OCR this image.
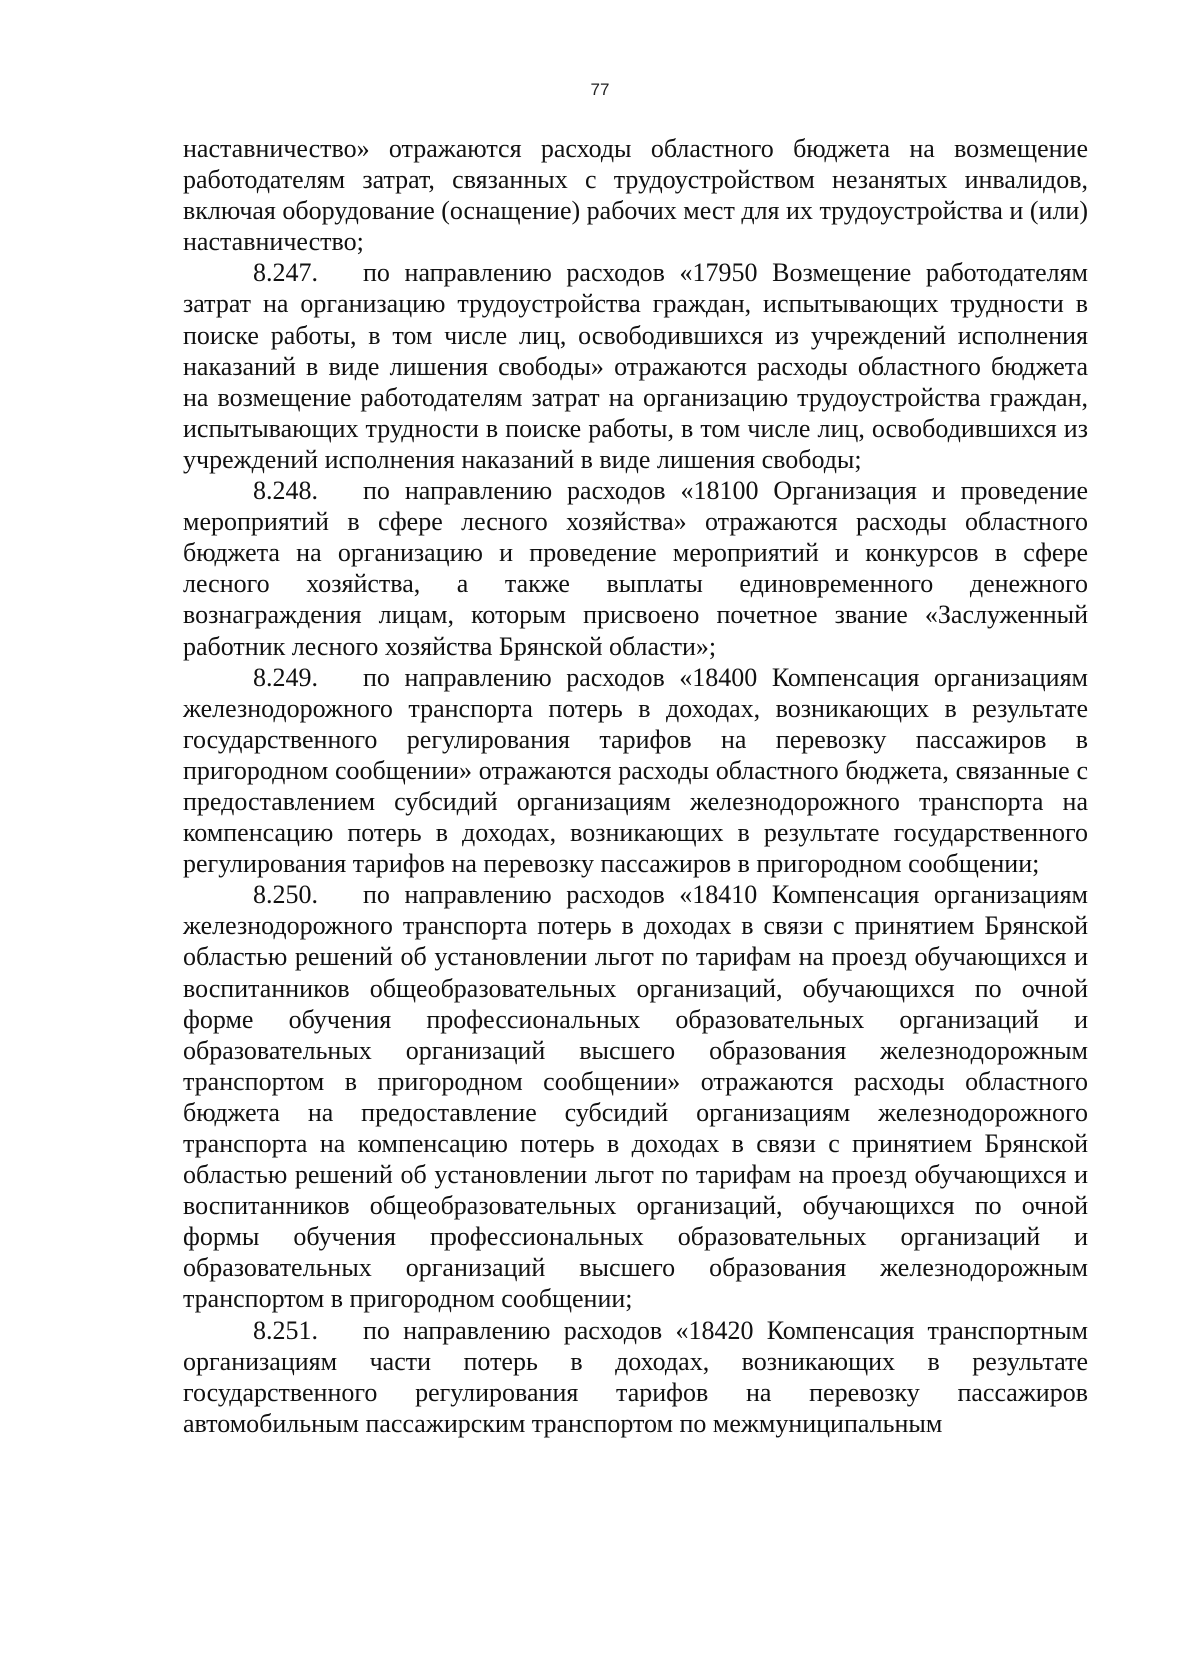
77

наставничество» отражаются расходы областного бюджета на возмещение работодателям затрат, связанных с трудоустройством незанятых инвалидов, включая оборудование (оснащение) рабочих мест для их трудоустройства и (или) наставничество;

8.247. по направлению расходов «17950 Возмещение работодателям затрат на организацию трудоустройства граждан, испытывающих трудности в поиске работы, в том числе лиц, освободившихся из учреждений исполнения наказаний в виде лишения свободы» отражаются расходы областного бюджета на возмещение работодателям затрат на организацию трудоустройства граждан, испытывающих трудности в поиске работы, в том числе лиц, освободившихся из учреждений исполнения наказаний в виде лишения свободы;

8.248. по направлению расходов «18100 Организация и проведение мероприятий в сфере лесного хозяйства» отражаются расходы областного бюджета на организацию и проведение мероприятий и конкурсов в сфере лесного хозяйства, а также выплаты единовременного денежного вознаграждения лицам, которым присвоено почетное звание «Заслуженный работник лесного хозяйства Брянской области»;

8.249. по направлению расходов «18400 Компенсация организациям железнодорожного транспорта потерь в доходах, возникающих в результате государственного регулирования тарифов на перевозку пассажиров в пригородном сообщении» отражаются расходы областного бюджета, связанные с предоставлением субсидий организациям железнодорожного транспорта на компенсацию потерь в доходах, возникающих в результате государственного регулирования тарифов на перевозку пассажиров в пригородном сообщении;

8.250. по направлению расходов «18410 Компенсация организациям железнодорожного транспорта потерь в доходах в связи с принятием Брянской областью решений об установлении льгот по тарифам на проезд обучающихся и воспитанников общеобразовательных организаций, обучающихся по очной форме обучения профессиональных образовательных организаций и образовательных организаций высшего образования железнодорожным транспортом в пригородном сообщении» отражаются расходы областного бюджета на предоставление субсидий организациям железнодорожного транспорта на компенсацию потерь в доходах в связи с принятием Брянской областью решений об установлении льгот по тарифам на проезд обучающихся и воспитанников общеобразовательных организаций, обучающихся по очной формы обучения профессиональных образовательных организаций и образовательных организаций высшего образования железнодорожным транспортом в пригородном сообщении;

8.251. по направлению расходов «18420 Компенсация транспортным организациям части потерь в доходах, возникающих в результате государственного регулирования тарифов на перевозку пассажиров автомобильным пассажирским транспортом по межмуниципальным
